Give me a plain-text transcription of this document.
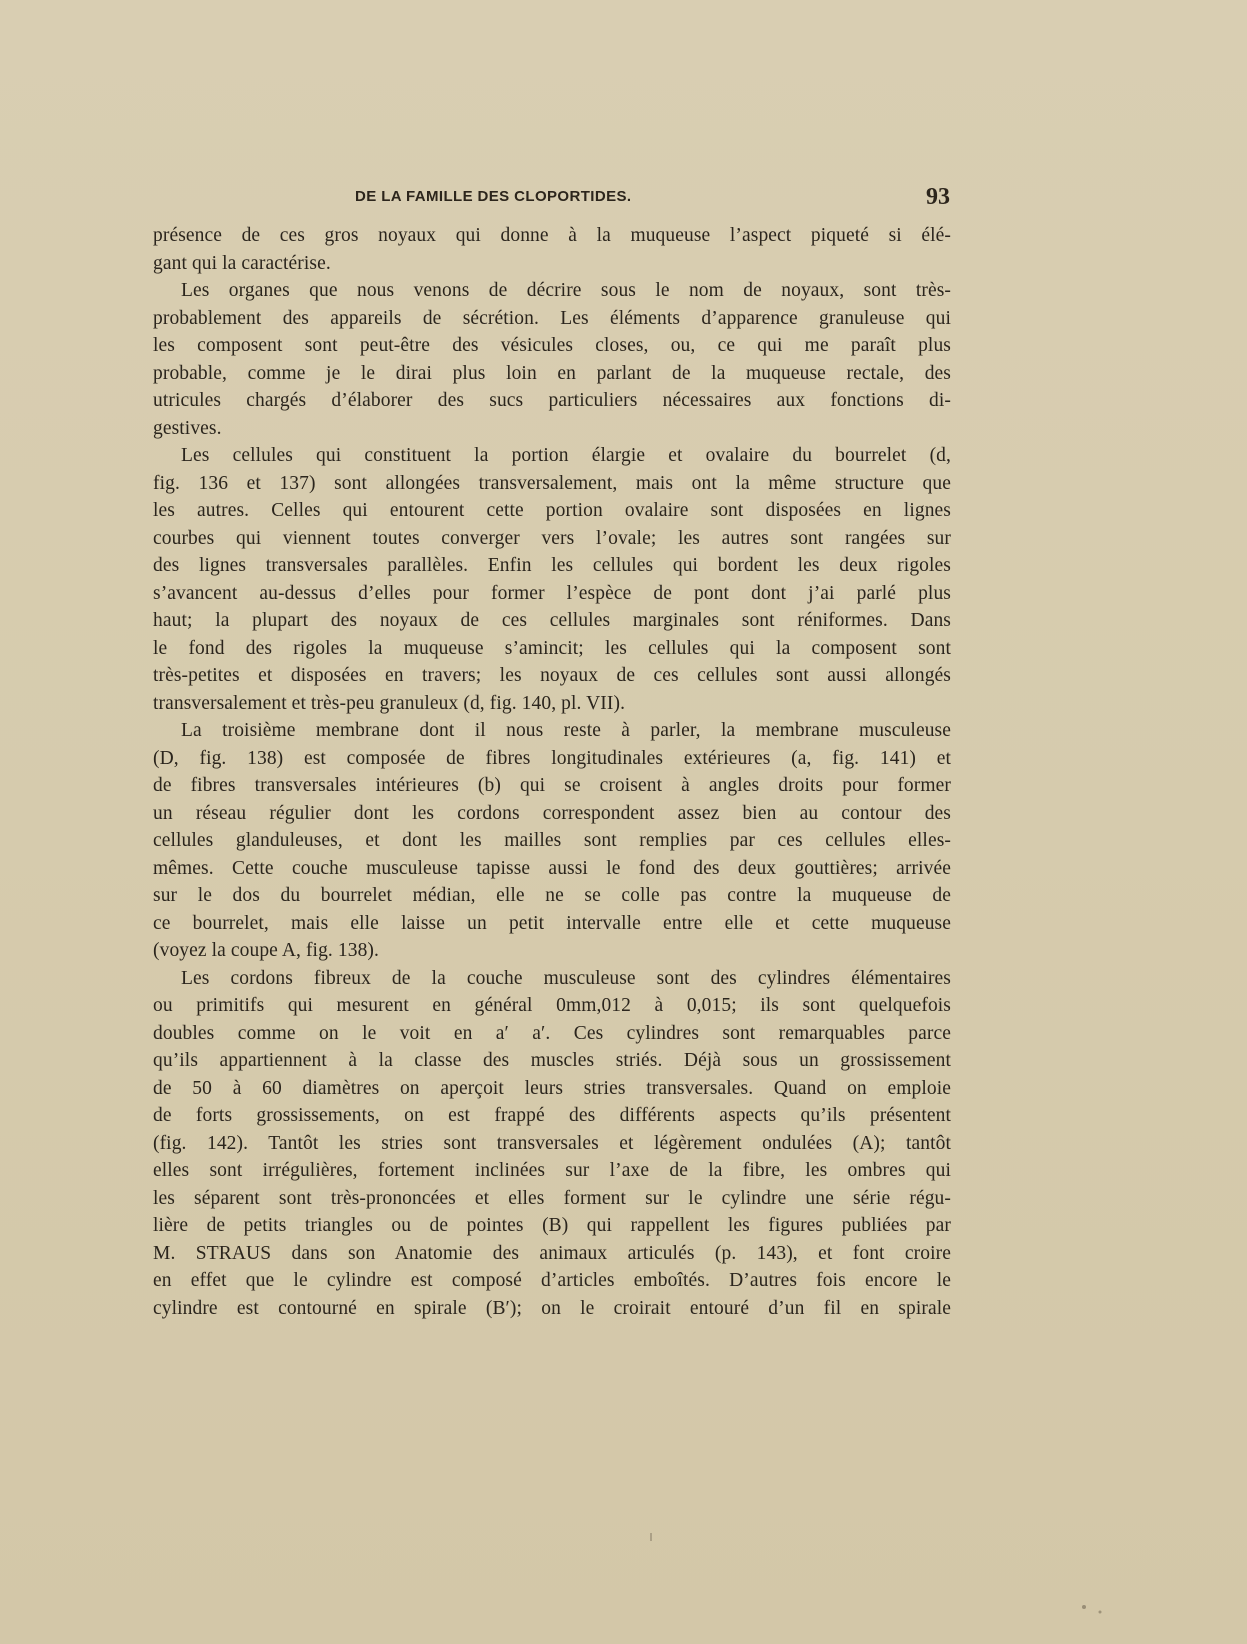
DE LA FAMILLE DES CLOPORTIDES.	93
présence de ces gros noyaux qui donne à la muqueuse l’aspect piqueté si élé-
gant qui la caractérise.
Les organes que nous venons de décrire sous le nom de noyaux, sont très-
probablement des appareils de sécrétion. Les éléments d’apparence granuleuse qui
les composent sont peut-être des vésicules closes, ou, ce qui me paraît plus
probable, comme je le dirai plus loin en parlant de la muqueuse rectale, des
utricules chargés d’élaborer des sucs particuliers nécessaires aux fonctions di-
gestives.
Les cellules qui constituent la portion élargie et ovalaire du bourrelet (d,
fig. 136 et 137) sont allongées transversalement, mais ont la même structure que
les autres. Celles qui entourent cette portion ovalaire sont disposées en lignes
courbes qui viennent toutes converger vers l’ovale; les autres sont rangées sur
des lignes transversales parallèles. Enfin les cellules qui bordent les deux rigoles
s’avancent au-dessus d’elles pour former l’espèce de pont dont j’ai parlé plus
haut; la plupart des noyaux de ces cellules marginales sont réniformes. Dans
le fond des rigoles la muqueuse s’amincit; les cellules qui la composent sont
très-petites et disposées en travers; les noyaux de ces cellules sont aussi allongés
transversalement et très-peu granuleux (d, fig. 140, pl. VII).
La troisième membrane dont il nous reste à parler, la membrane musculeuse
(D, fig. 138) est composée de fibres longitudinales extérieures (a, fig. 141) et
de fibres transversales intérieures (b) qui se croisent à angles droits pour former
un réseau régulier dont les cordons correspondent assez bien au contour des
cellules glanduleuses, et dont les mailles sont remplies par ces cellules elles-
mêmes. Cette couche musculeuse tapisse aussi le fond des deux gouttières; arrivée
sur le dos du bourrelet médian, elle ne se colle pas contre la muqueuse de
ce bourrelet, mais elle laisse un petit intervalle entre elle et cette muqueuse
(voyez la coupe A, fig. 138).
Les cordons fibreux de la couche musculeuse sont des cylindres élémentaires
ou primitifs qui mesurent en général 0mm,012 à 0,015; ils sont quelquefois
doubles comme on le voit en a′ a′. Ces cylindres sont remarquables parce
qu’ils appartiennent à la classe des muscles striés. Déjà sous un grossissement
de 50 à 60 diamètres on aperçoit leurs stries transversales. Quand on emploie
de forts grossissements, on est frappé des différents aspects qu’ils présentent
(fig. 142). Tantôt les stries sont transversales et légèrement ondulées (A); tantôt
elles sont irrégulières, fortement inclinées sur l’axe de la fibre, les ombres qui
les séparent sont très-prononcées et elles forment sur le cylindre une série régu-
lière de petits triangles ou de pointes (B) qui rappellent les figures publiées par
M. STRAUS dans son Anatomie des animaux articulés (p. 143), et font croire
en effet que le cylindre est composé d’articles emboîtés. D’autres fois encore le
cylindre est contourné en spirale (B′); on le croirait entouré d’un fil en spirale
